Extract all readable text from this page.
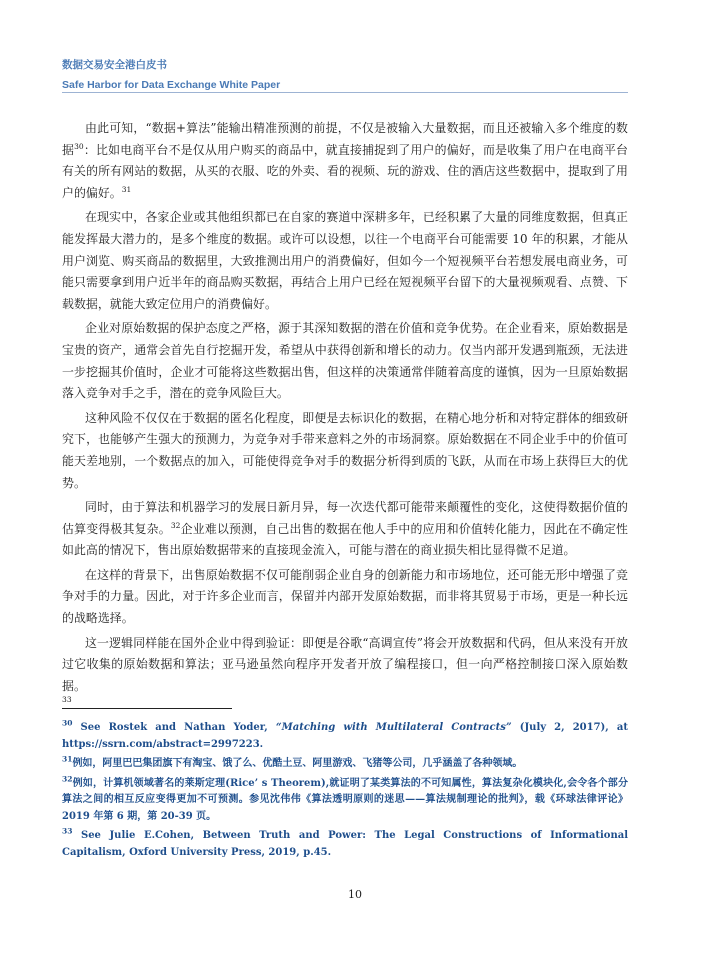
数据交易安全港白皮书
Safe Harbor for Data Exchange White Paper

由此可知，“数据+算法”能输出精准预测的前提，不仅是被输入大量数据，而且还被输入多个维度的数据$^{30}$：比如电商平台不是仅从用户购买的商品中，就直接捕捉到了用户的偏好，而是收集了用户在电商平台有关的所有网站的数据，从买的衣服、吃的外卖、看的视频、玩的游戏、住的酒店这些数据中，提取到了用户的偏好。$^{31}$

在现实中，各家企业或其他组织都已在自家的赛道中深耕多年，已经积累了大量的同维度数据，但真正能发挥最大潜力的，是多个维度的数据。或许可以设想，以往一个电商平台可能需要 10 年的积累，才能从用户浏览、购买商品的数据里，大致推测出用户的消费偏好，但如今一个短视频平台若想发展电商业务，可能只需要拿到用户近半年的商品购买数据，再结合上用户已经在短视频平台留下的大量视频观看、点赞、下载数据，就能大致定位用户的消费偏好。

企业对原始数据的保护态度之严格，源于其深知数据的潜在价值和竞争优势。在企业看来，原始数据是宝贵的资产，通常会首先自行挖掘开发，希望从中获得创新和增长的动力。仅当内部开发遇到瓶颈，无法进一步挖掘其价值时，企业才可能将这些数据出售，但这样的决策通常伴随着高度的谨慎，因为一旦原始数据落入竞争对手之手，潜在的竞争风险巨大。

这种风险不仅仅在于数据的匿名化程度，即便是去标识化的数据，在精心地分析和对特定群体的细致研究下，也能够产生强大的预测力，为竞争对手带来意料之外的市场洞察。原始数据在不同企业手中的价值可能天差地别，一个数据点的加入，可能使得竞争对手的数据分析得到质的飞跃，从而在市场上获得巨大的优势。

同时，由于算法和机器学习的发展日新月异，每一次迭代都可能带来颠覆性的变化，这使得数据价值的估算变得极其复杂。$^{32}$企业难以预测，自己出售的数据在他人手中的应用和价值转化能力，因此在不确定性如此高的情况下，售出原始数据带来的直接现金流入，可能与潜在的商业损失相比显得微不足道。

在这样的背景下，出售原始数据不仅可能削弱企业自身的创新能力和市场地位，还可能无形中增强了竞争对手的力量。因此，对于许多企业而言，保留并内部开发原始数据，而非将其贸易于市场，更是一种长远的战略选择。

这一逻辑同样能在国外企业中得到验证：即便是谷歌“高调宣传”将会开放数据和代码，但从来没有开放过它收集的原始数据和算法；亚马逊虽然向程序开发者开放了编程接口，但一向严格控制接口深入原始数据。
33

$^{30}$ See Rostek and Nathan Yoder, “Matching with Multilateral Contracts” (July 2, 2017), at https://ssrn.com/abstract=2997223.

$^{31}$例如，阿里巴巴集团旗下有淘宝、饿了么、优酷土豆、阿里游戏、飞猪等公司，几乎涵盖了各种领域。

$^{32}$例如，计算机领域著名的莱斯定理(Rice’ s Theorem),就证明了某类算法的不可知属性，算法复杂化模块化,会令各个部分算法之间的相互反应变得更加不可预测。参见沈伟伟《算法透明原则的迷思——算法规制理论的批判》，载《环球法律评论》2019 年第 6 期，第 20-39 页。

$^{33}$ See Julie E.Cohen, Between Truth and Power: The Legal Constructions of Informational Capitalism, Oxford University Press, 2019, p.45.

10
